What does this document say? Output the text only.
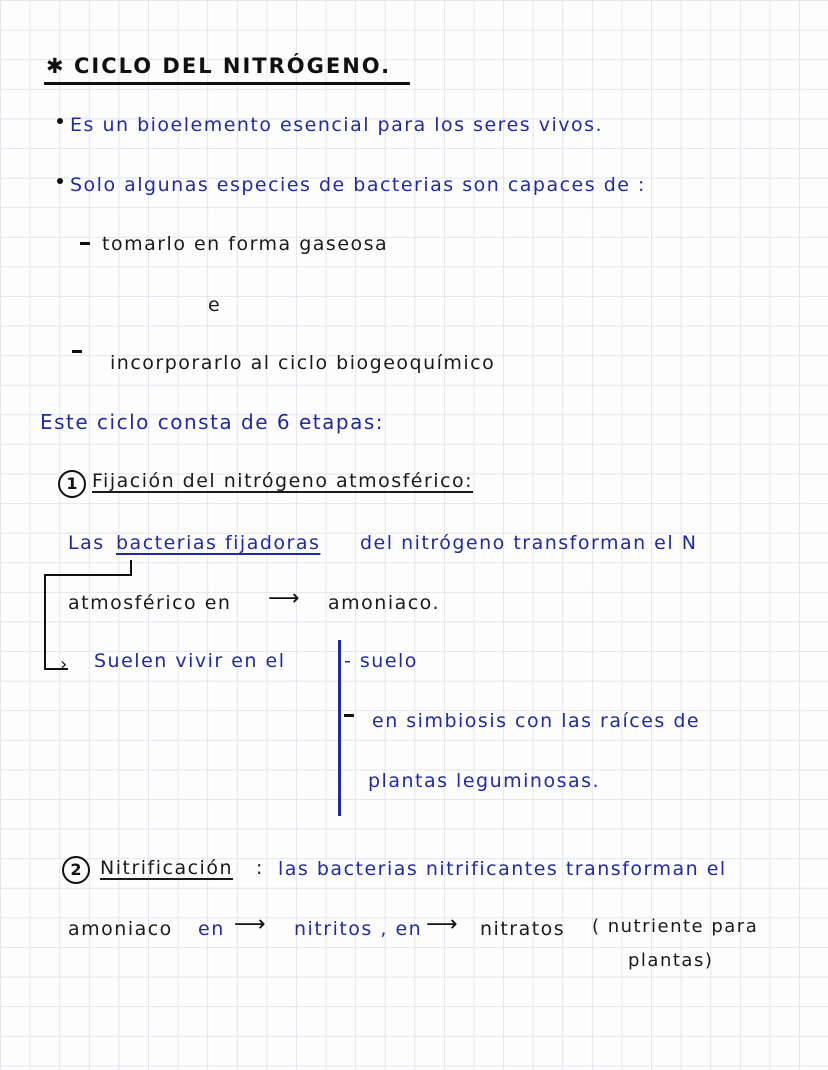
✱ CICLO DEL NITRÓGENO.
Es un bioelemento esencial para los seres vivos.
Solo algunas especies de bacterias son capaces de :
tomarlo en forma gaseosa
e
incorporarlo al ciclo biogeoquímico
Este ciclo consta de 6 etapas:
1 Fijación del nitrógeno atmosférico:
Las bacterias fijadoras del nitrógeno transforman el N
›
atmosférico en ⟶ amoniaco.
Suelen vivir en el	- suelo
en simbiosis con las raíces de
plantas leguminosas.
2 Nitrificación : las bacterias nitrificantes transforman el
amoniaco en ⟶ nitritos , en ⟶ nitratos ( nutriente para
plantas)
